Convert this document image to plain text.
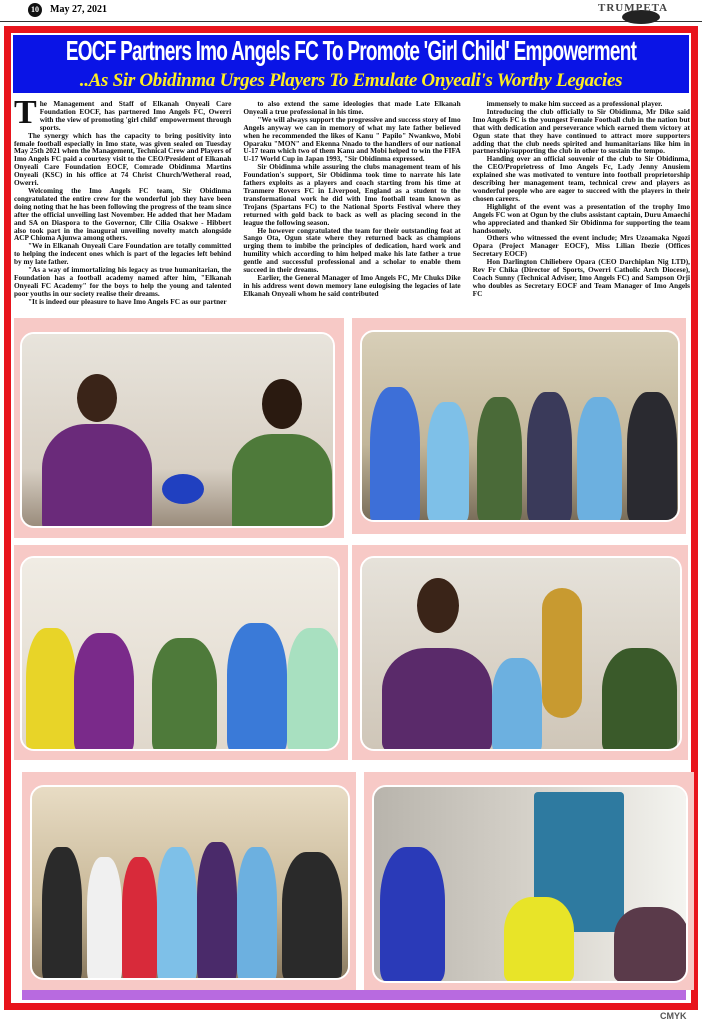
10	May 27, 2021	TRUMPETA
EOCF Partners Imo Angels FC To Promote 'Girl Child' Empowerment
..As Sir Obidinma Urges Players To Emulate Onyeali's Worthy Legacies

The Management and Staff of Elkanah Onyeali Care Foundation EOCF, has partnered Imo Angels FC, Owerri with the view of promoting 'girl child' empowerment through sports.

The synergy which has the capacity to bring positivity into female football especially in Imo state, was given sealed on Tuesday May 25th 2021 when the Management, Technical Crew and Players of Imo Angels FC paid a courtesy visit to the CEO/President of Elkanah Onyeali Care Foundation EOCF, Comrade Obidinma Martins Onyeali (KSC) in his office at 74 Christ Church/Wetheral road, Owerri.

Welcoming the Imo Angels FC team, Sir Obidinma congratulated the entire crew for the wonderful job they have been doing noting that he has been following the progress of the team since after the official unveiling last November. He added that her Madam and SA on Diaspora to the Governor, Cllr Cilia Osakwe - Hibbert also took part in the inaugural unveiling novelty match alongside ACP Chioma Ajunwa among others.

"We in Elkanah Onyeali Care Foundation are totally committed to helping the indecent ones which is part of the legacies left behind by my late father.

"As a way of immortalizing his legacy as true humanitarian, the Foundation has a football academy named after him, "Elkanah Onyeali FC Academy" for the boys to help the young and talented poor youths in our society realise their dreams.

"It is indeed our pleasure to have Imo Angels FC as our partner

to also extend the same ideologies that made Late Elkanah Onyeali a true professional in his time.

"We will always support the progressive and success story of Imo Angels anyway we can in memory of what my late father believed when he recommended the likes of Kanu " Papilo" Nwankwo, Mobi Oparaku "MON" and Ekenna Nnado to the handlers of our national U-17 team which two of them Kanu and Mobi helped to win the FIFA U-17 World Cup in Japan 1993, "Sir Obidinma expressed.

Sir Obidinma while assuring the clubs management team of his Foundation's support, Sir Obidinma took time to narrate his late fathers exploits as a players and coach starting from his time at Tranmere Rovers FC in Liverpool, England as a student to the transformational work he did with Imo football team known as Trojans (Spartans FC) to the National Sports Festival where they returned with gold back to back as well as placing second in the league the following season.

He however congratulated the team for their outstanding feat at Sango Ota, Ogun state where they returned back as champions urging them to imbibe the principles of dedication, hard work and humility which according to him helped make his late father a true gentle and successful professional and a scholar to enable them succeed in their dreams.

Earlier, the General Manager of Imo Angels FC, Mr Chuks Dike in his address went down memory lane eulogising the legacies of late Elkanah Onyeali whom he said contributed

immensely to make him succeed as a professional player.

Introducing the club officially to Sir Obidinma, Mr Dike said Imo Angels FC is the youngest Female Football club in the nation but that with dedication and perseverance which earned them victory at Ogun state that they have continued to attract more supporters adding that the club needs spirited and humanitarians like him in partnership/supporting the club in other to sustain the tempo.

Handing over an official souvenir of the club to Sir Obidinma, the CEO/Proprietress of Imo Angels Fc, Lady Jenny Anusiem explained she was motivated to venture into football proprietorship describing her management team, technical crew and players as wonderful people who are eager to succeed with the players in their chosen careers.

Highlight of the event was a presentation of the trophy Imo Angels FC won at Ogun by the clubs assistant captain, Duru Amaechi who appreciated and thanked Sir Obidinma for supporting the team handsomely.

Others who witnessed the event include; Mrs Uzoamaka Ngozi Opara (Project Manager EOCF), Miss Lilian Ibezie (Offices Secretary EOCF)

Hon Darlington Chiliebere Opara (CEO Darchiplan Nig LTD), Rev Fr Chika (Director of Sports, Owerri Catholic Arch Diocese), Coach Sunny (Technical Adviser, Imo Angels FC) and Sampson Orji who doubles as Secretary EOCF and Team Manager of Imo Angels FC

CMYK
